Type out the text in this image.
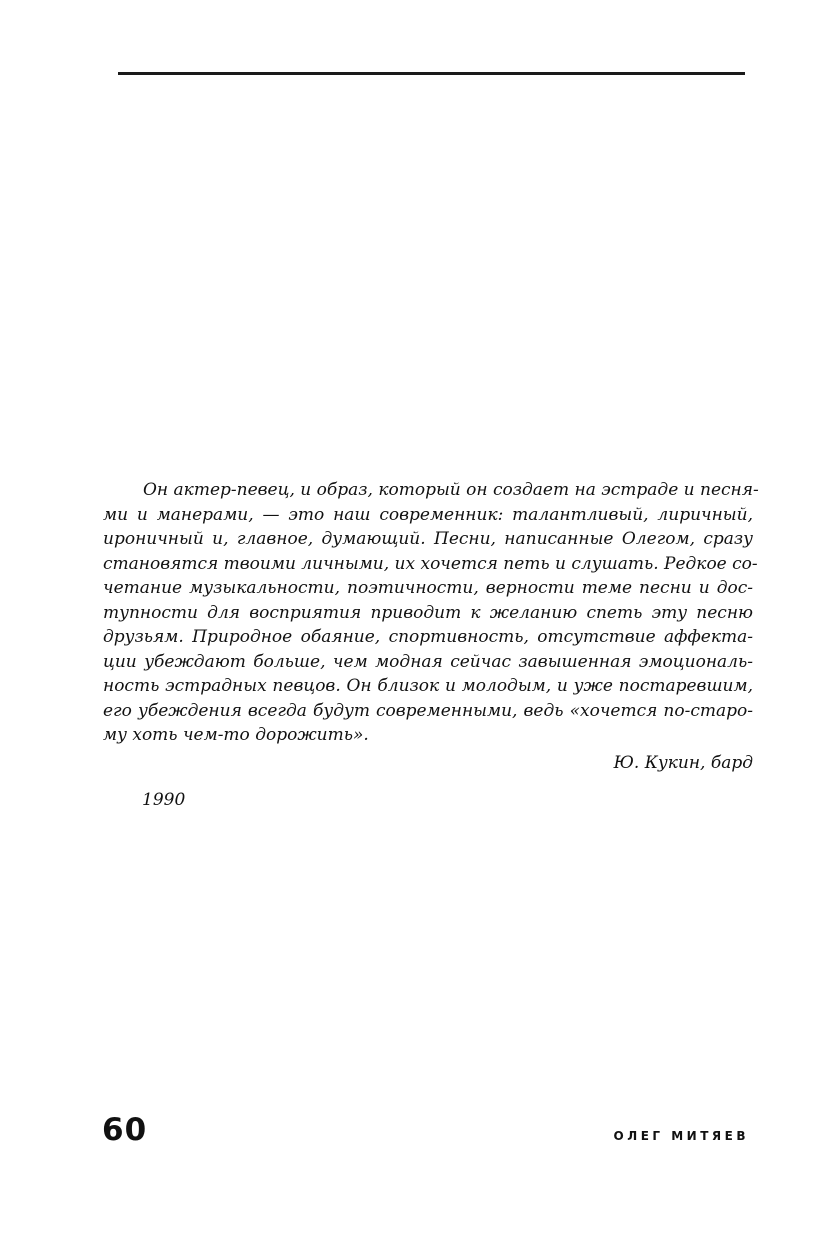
Он актер-певец, и образ, который он создает на эстраде и песня-
ми и манерами, — это наш современник: талантливый, лиричный,
ироничный и, главное, думающий. Песни, написанные Олегом, сразу
становятся твоими личными, их хочется петь и слушать. Редкое со-
четание музыкальности, поэтичности, верности теме песни и дос-
тупности для восприятия приводит к желанию спеть эту песню
друзьям. Природное обаяние, спортивность, отсутствие аффекта-
ции убеждают больше, чем модная сейчас завышенная эмоциональ-
ность эстрадных певцов. Он близок и молодым, и уже постаревшим,
его убеждения всегда будут современными, ведь «хочется по-старо-
му хоть чем-то дорожить».
Ю. Кукин, бард
1990
60	ОЛЕГ МИТЯЕВ
